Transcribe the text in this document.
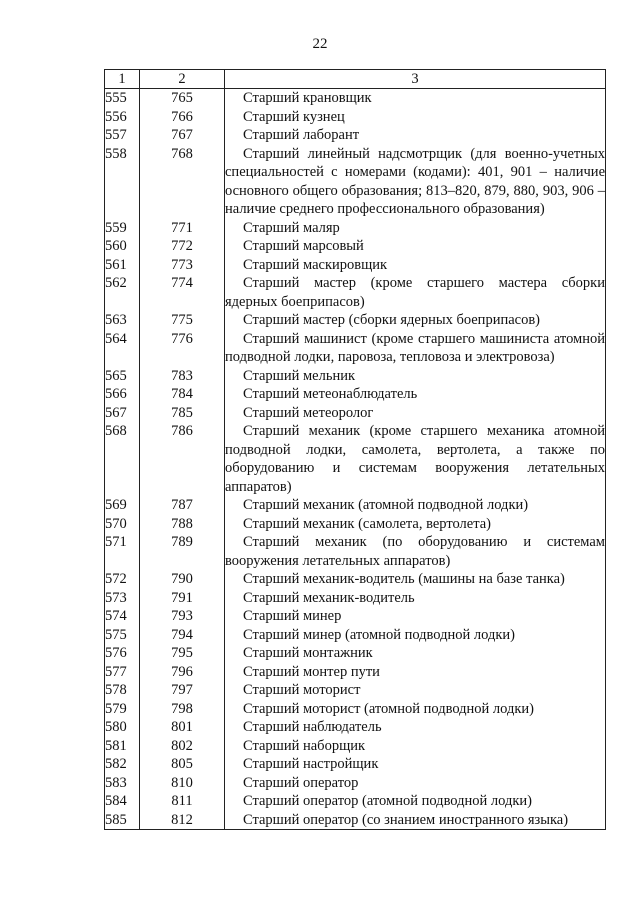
22
1	2	3
555	765	Старший крановщик
556	766	Старший кузнец
557	767	Старший лаборант
558	768	Старший линейный надсмотрщик (для военно-учетных специальностей с номерами (кодами): 401, 901 – наличие основного общего образования; 813–820, 879, 880, 903, 906 – наличие среднего профессионального образования)
559	771	Старший маляр
560	772	Старший марсовый
561	773	Старший маскировщик
562	774	Старший мастер (кроме старшего мастера сборки ядерных боеприпасов)
563	775	Старший мастер (сборки ядерных боеприпасов)
564	776	Старший машинист (кроме старшего машиниста атомной подводной лодки, паровоза, тепловоза и электровоза)
565	783	Старший мельник
566	784	Старший метеонаблюдатель
567	785	Старший метеоролог
568	786	Старший механик (кроме старшего механика атомной подводной лодки, самолета, вертолета, а также по оборудованию и системам вооружения летательных аппаратов)
569	787	Старший механик (атомной подводной лодки)
570	788	Старший механик (самолета, вертолета)
571	789	Старший механик (по оборудованию и системам вооружения летательных аппаратов)
572	790	Старший механик-водитель (машины на базе танка)
573	791	Старший механик-водитель
574	793	Старший минер
575	794	Старший минер (атомной подводной лодки)
576	795	Старший монтажник
577	796	Старший монтер пути
578	797	Старший моторист
579	798	Старший моторист (атомной подводной лодки)
580	801	Старший наблюдатель
581	802	Старший наборщик
582	805	Старший настройщик
583	810	Старший оператор
584	811	Старший оператор (атомной подводной лодки)
585	812	Старший оператор (со знанием иностранного языка)
